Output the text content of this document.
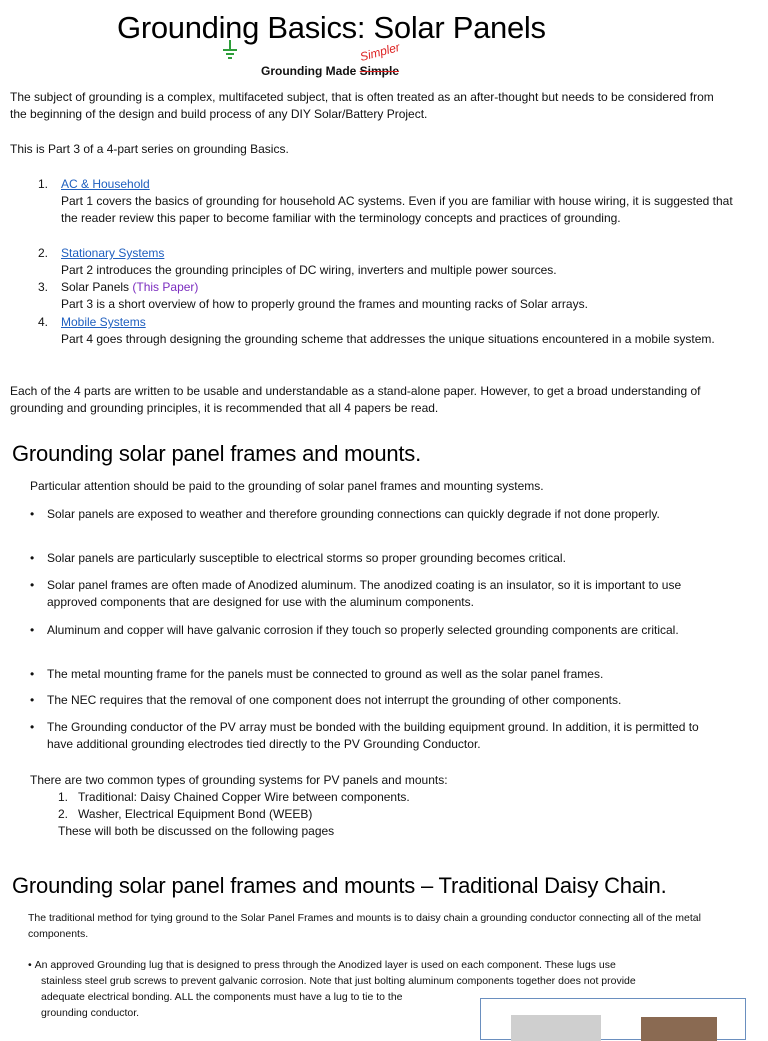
Grounding Basics: Solar Panels
Grounding Made Simple
Simpler
The subject of grounding is a complex, multifaceted subject, that is often treated as an after-thought but needs to be considered from the beginning of the design and build process of any DIY Solar/Battery Project.
This is Part 3 of a 4-part series on grounding Basics.
1. AC & Household
Part 1 covers the basics of grounding for household AC systems. Even if you are familiar with house wiring, it is suggested that the reader review this paper to become familiar with the terminology concepts and practices of grounding.
2. Stationary Systems
Part 2 introduces the grounding principles of DC wiring, inverters and multiple power sources.
3. Solar Panels (This Paper)
Part 3 is a short overview of how to properly ground the frames and mounting racks of Solar arrays.
4. Mobile Systems
Part 4 goes through designing the grounding scheme that addresses the unique situations encountered in a mobile system.
Each of the 4 parts are written to be usable and understandable as a stand-alone paper. However, to get a broad understanding of grounding and grounding principles, it is recommended that all 4 papers be read.
Grounding solar panel frames and mounts.
Particular attention should be paid to the grounding of solar panel frames and mounting systems.
• Solar panels are exposed to weather and therefore grounding connections can quickly degrade if not done properly.
• Solar panels are particularly susceptible to electrical storms so proper grounding becomes critical.
• Solar panel frames are often made of Anodized aluminum. The anodized coating is an insulator, so it is important to use approved components that are designed for use with the aluminum components.
• Aluminum and copper will have galvanic corrosion if they touch so properly selected grounding components are critical.
• The metal mounting frame for the panels must be connected to ground as well as the solar panel frames.
• The NEC requires that the removal of one component does not interrupt the grounding of other components.
• The Grounding conductor of the PV array must be bonded with the building equipment ground. In addition, it is permitted to have additional grounding electrodes tied directly to the PV Grounding Conductor.
There are two common types of grounding systems for PV panels and mounts:
1. Traditional: Daisy Chained Copper Wire between components.
2. Washer, Electrical Equipment Bond (WEEB)
These will both be discussed on the following pages
Grounding solar panel frames and mounts – Traditional Daisy Chain.
The traditional method for tying ground to the Solar Panel Frames and mounts is to daisy chain a grounding conductor connecting all of the metal components.
• An approved Grounding lug that is designed to press through the Anodized layer is used on each component. These lugs use
stainless steel grub screws to prevent galvanic corrosion. Note that just bolting aluminum components together does not provide
adequate electrical bonding. ALL the components must have a lug to tie to the
grounding conductor.
